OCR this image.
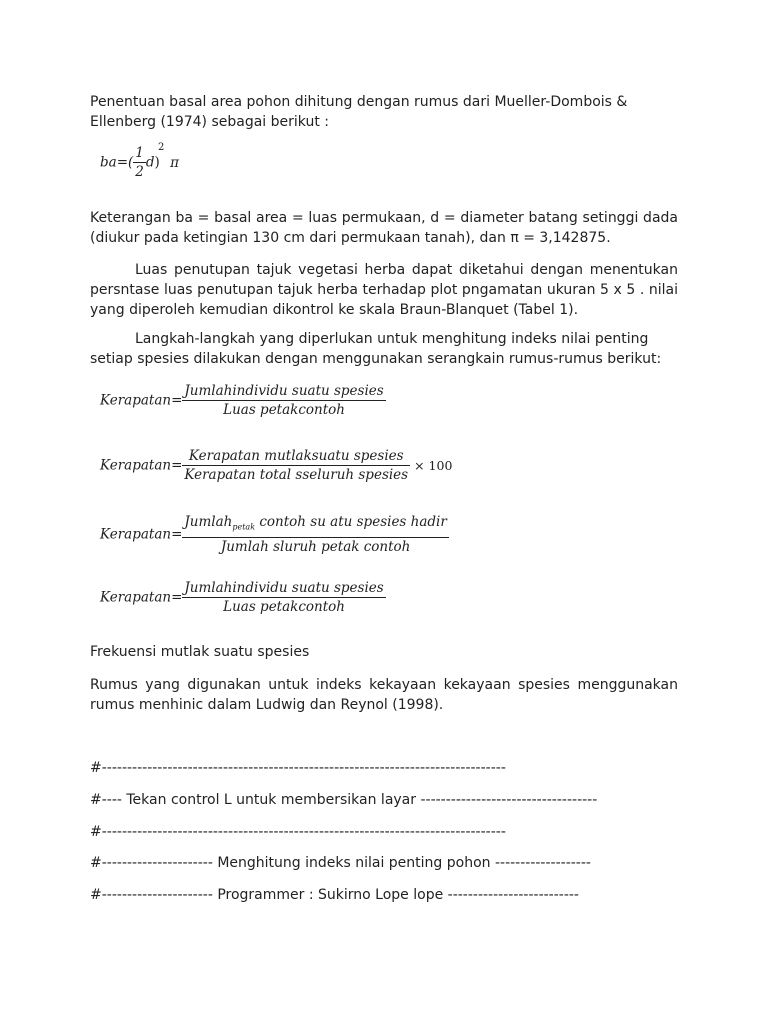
Penentuan basal area pohon dihitung dengan rumus dari Mueller-Dombois & Ellenberg (1974) sebagai berikut :
$ba=( \frac{1}{2} d)$
2
π
Keterangan ba = basal area = luas permukaan, d = diameter batang setinggi dada (diukur pada ketingian 130 cm dari permukaan tanah), dan π = 3,142875.
Luas penutupan tajuk vegetasi herba dapat diketahui dengan menentukan persntase luas penutupan tajuk herba terhadap plot pngamatan ukuran 5 x 5 . nilai yang diperoleh kemudian dikontrol ke skala Braun-Blanquet (Tabel 1).
Langkah-langkah yang diperlukan untuk menghitung indeks nilai penting setiap spesies dilakukan dengan menggunakan serangkain rumus-rumus berikut:
Kerapatan= $\frac{\text{Jumlahindividu suatu spesies}}{\text{Luas petakcontoh}}$
Kerapatan= $\frac{\text{Kerapatan mutlaksuatu spesies}}{\text{Kerapatan total sseluruh spesies}} \times 100$
Kerapatan= $\frac{Jumlah_{petak} contoh su atu spesies hadir}{\text{Jumlah sluruh petak contoh}}$
Kerapatan= $\frac{\text{Jumlahindividu suatu spesies}}{\text{Luas petakcontoh}}$
Frekuensi mutlak suatu spesies
Rumus yang digunakan untuk indeks kekayaan kekayaan spesies menggunakan rumus menhinic dalam Ludwig dan Reynol (1998).
#--------------------------------------------------------------------------------
#---- Tekan control L untuk membersikan layar -----------------------------------
#--------------------------------------------------------------------------------
#---------------------- Menghitung indeks nilai penting pohon -------------------
#---------------------- Programmer : Sukirno Lope lope --------------------------
